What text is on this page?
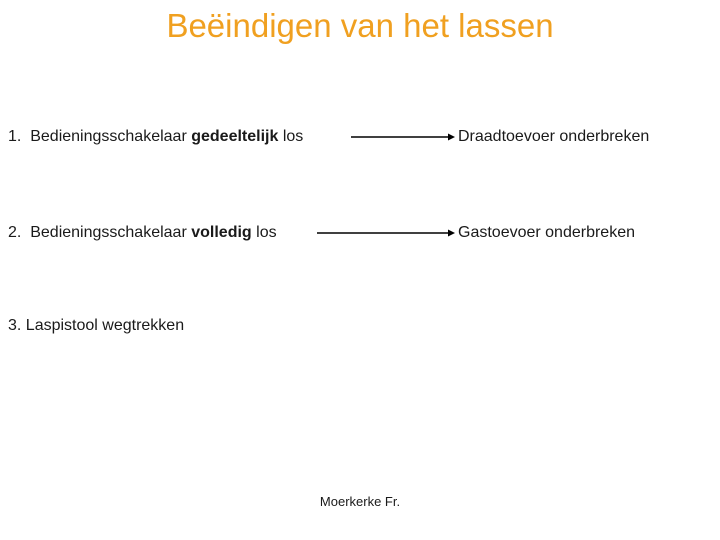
Beëindigen van het lassen
1. Bedieningsschakelaar gedeeltelijk los	Draadtoevoer onderbreken
2. Bedieningsschakelaar volledig los	Gastoevoer onderbreken
3. Laspistool wegtrekken
Moerkerke Fr.
